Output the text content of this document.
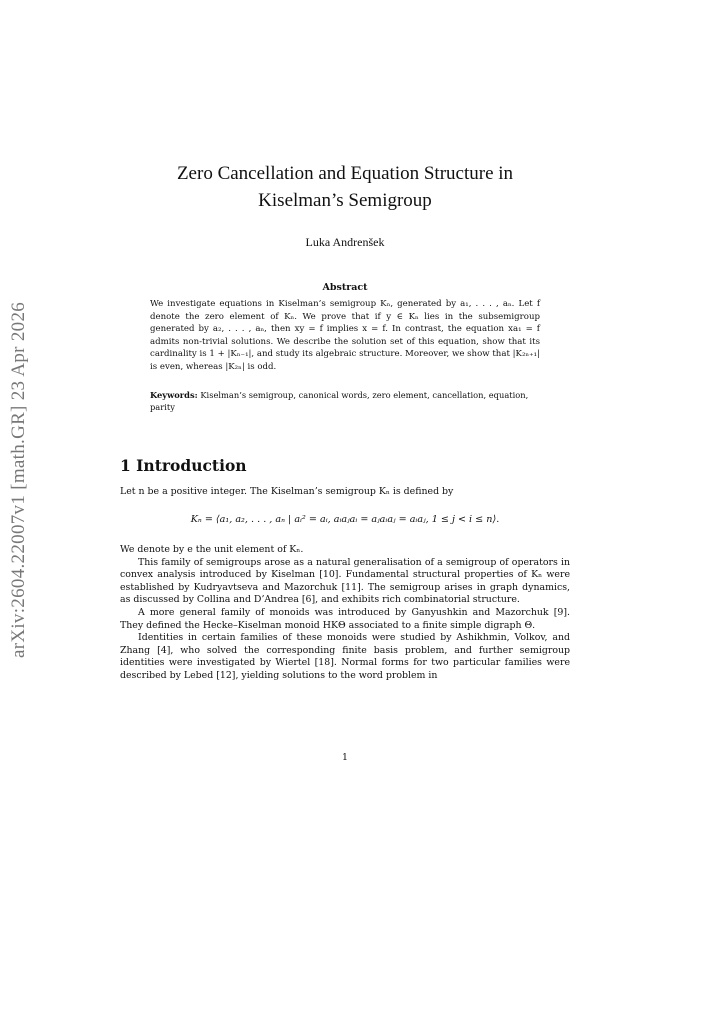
arXiv:2604.22007v1 [math.GR] 23 Apr 2026
Zero Cancellation and Equation Structure in
Kiselman’s Semigroup
Luka Andrenšek
Abstract
We investigate equations in Kiselman’s semigroup Kₙ, generated by a₁, . . . , aₙ. Let f denote the zero element of Kₙ. We prove that if y ∈ Kₙ lies in the subsemigroup generated by a₂, . . . , aₙ, then xy = f implies x = f. In contrast, the equation xa₁ = f admits non-trivial solutions. We describe the solution set of this equation, show that its cardinality is 1 + |Kₙ₋₁|, and study its algebraic structure. Moreover, we show that |K₂ₙ₊₁| is even, whereas |K₂ₙ| is odd.
Keywords: Kiselman’s semigroup, canonical words, zero element, cancellation, equation, parity
1 Introduction

Let n be a positive integer. The Kiselman’s semigroup Kₙ is defined by

Kₙ = ⟨a₁, a₂, . . . , aₙ | aᵢ² = aᵢ, aᵢaⱼaᵢ = aⱼaᵢaⱼ = aᵢaⱼ, 1 ≤ j < i ≤ n⟩.

We denote by e the unit element of Kₙ.

This family of semigroups arose as a natural generalisation of a semigroup of operators in convex analysis introduced by Kiselman [10]. Fundamental structural properties of Kₙ were established by Kudryavtseva and Mazorchuk [11]. The semigroup arises in graph dynamics, as discussed by Collina and D’Andrea [6], and exhibits rich combinatorial structure.

A more general family of monoids was introduced by Ganyushkin and Mazorchuk [9]. They defined the Hecke–Kiselman monoid HKΘ associated to a finite simple digraph Θ.

Identities in certain families of these monoids were studied by Ashikhmin, Volkov, and Zhang [4], who solved the corresponding finite basis problem, and further semigroup identities were investigated by Wiertel [18]. Normal forms for two particular families were described by Lebed [12], yielding solutions to the word problem in

1
